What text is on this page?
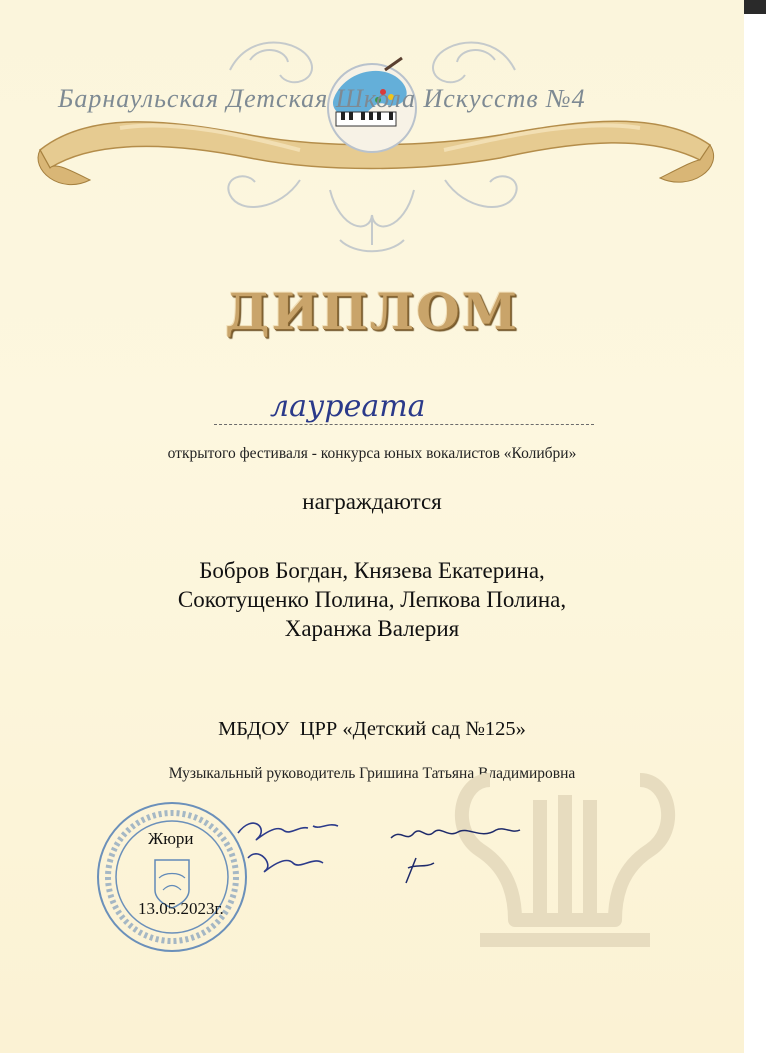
Барнаульская Детская Школа Искусств №4
ДИПЛОМ
лауреата
открытого фестиваля - конкурса юных вокалистов «Колибри»
награждаются
Бобров Богдан, Князева Екатерина,
Сокотущенко Полина, Лепкова Полина,
Харанжа Валерия
МБДОУ  ЦРР «Детский сад №125»
Музыкальный руководитель Гришина Татьяна Владимировна
Жюри
13.05.2023г.
